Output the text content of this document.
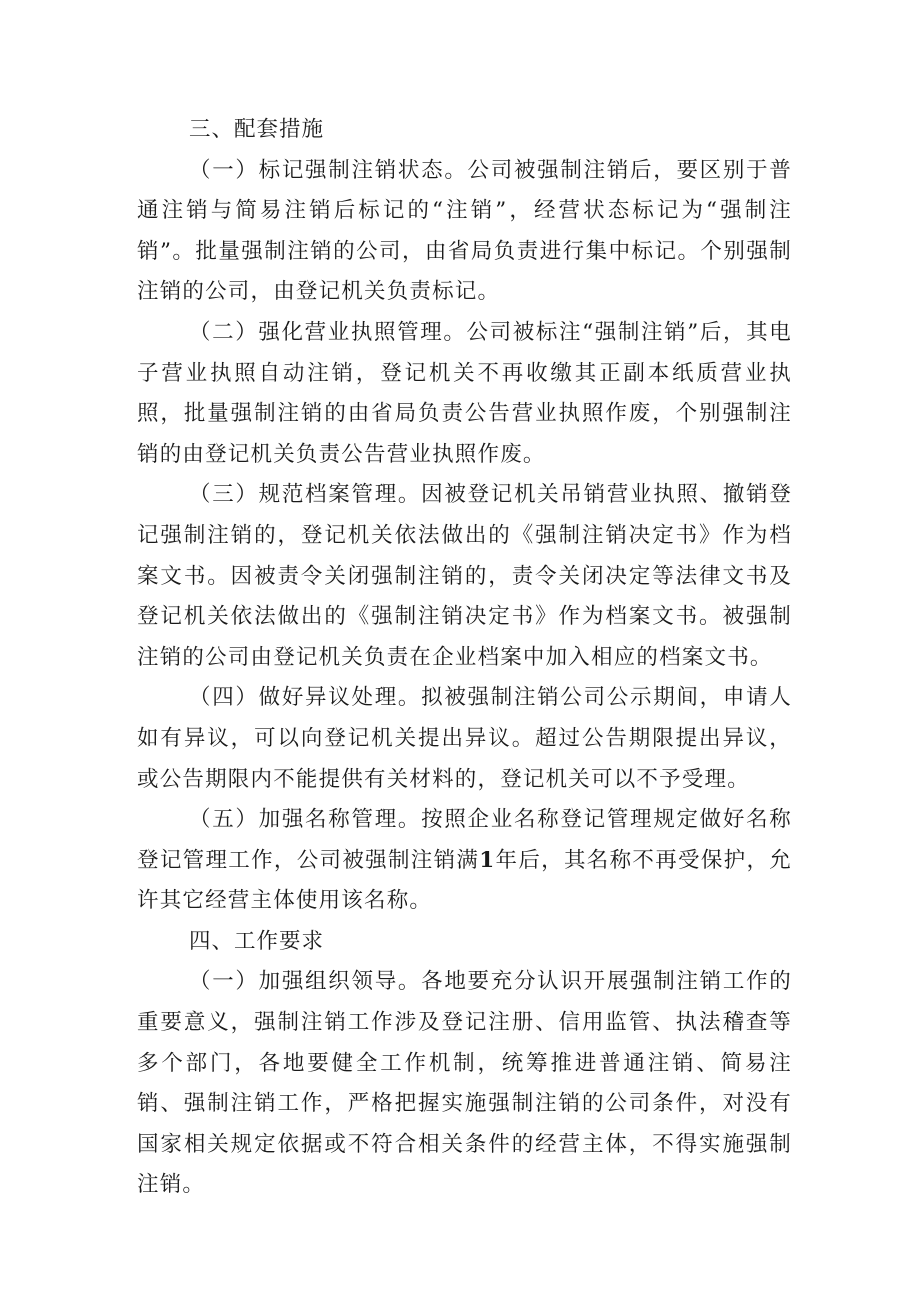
三、配套措施

（一）标记强制注销状态。公司被强制注销后，要区别于普通注销与简易注销后标记的“注销”，经营状态标记为“强制注销”。批量强制注销的公司，由省局负责进行集中标记。个别强制注销的公司，由登记机关负责标记。

（二）强化营业执照管理。公司被标注“强制注销”后，其电子营业执照自动注销，登记机关不再收缴其正副本纸质营业执照，批量强制注销的由省局负责公告营业执照作废，个别强制注销的由登记机关负责公告营业执照作废。

（三）规范档案管理。因被登记机关吊销营业执照、撤销登记强制注销的，登记机关依法做出的《强制注销决定书》作为档案文书。因被责令关闭强制注销的，责令关闭决定等法律文书及登记机关依法做出的《强制注销决定书》作为档案文书。被强制注销的公司由登记机关负责在企业档案中加入相应的档案文书。

（四）做好异议处理。拟被强制注销公司公示期间，申请人如有异议，可以向登记机关提出异议。超过公告期限提出异议，或公告期限内不能提供有关材料的，登记机关可以不予受理。

（五）加强名称管理。按照企业名称登记管理规定做好名称登记管理工作，公司被强制注销满1年后，其名称不再受保护，允许其它经营主体使用该名称。

四、工作要求

（一）加强组织领导。各地要充分认识开展强制注销工作的重要意义，强制注销工作涉及登记注册、信用监管、执法稽查等多个部门，各地要健全工作机制，统筹推进普通注销、简易注销、强制注销工作，严格把握实施强制注销的公司条件，对没有国家相关规定依据或不符合相关条件的经营主体，不得实施强制注销。
